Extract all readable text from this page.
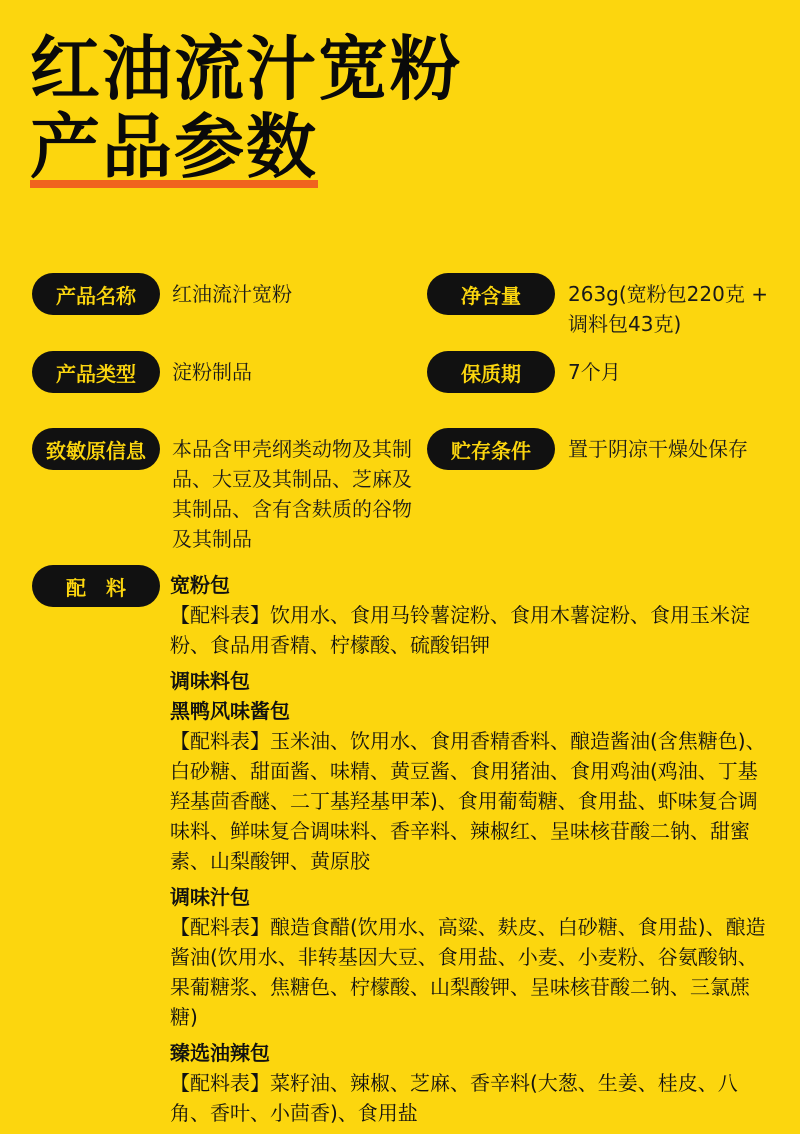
红油流汁宽粉
产品参数
产品名称	红油流汁宽粉	净含量	263g(宽粉包220克 + 调料包43克)
产品类型	淀粉制品	保质期	7个月
致敏原信息	本品含甲壳纲类动物及其制品、大豆及其制品、芝麻及其制品、含有含麸质的谷物及其制品
贮存条件	置于阴凉干燥处保存
配　料	宽粉包
【配料表】饮用水、食用马铃薯淀粉、食用木薯淀粉、食用玉米淀粉、食品用香精、柠檬酸、硫酸铝钾
调味料包
黑鸭风味酱包
【配料表】玉米油、饮用水、食用香精香料、酿造酱油(含焦糖色)、白砂糖、甜面酱、味精、黄豆酱、食用猪油、食用鸡油(鸡油、丁基羟基茴香醚、二丁基羟基甲苯)、食用葡萄糖、食用盐、虾味复合调味料、鲜味复合调味料、香辛料、辣椒红、呈味核苷酸二钠、甜蜜素、山梨酸钾、黄原胶
调味汁包
【配料表】酿造食醋(饮用水、高粱、麸皮、白砂糖、食用盐)、酿造酱油(饮用水、非转基因大豆、食用盐、小麦、小麦粉、谷氨酸钠、果葡糖浆、焦糖色、柠檬酸、山梨酸钾、呈味核苷酸二钠、三氯蔗糖)
臻选油辣包
【配料表】菜籽油、辣椒、芝麻、香辛料(大葱、生姜、桂皮、八角、香叶、小茴香)、食用盐
